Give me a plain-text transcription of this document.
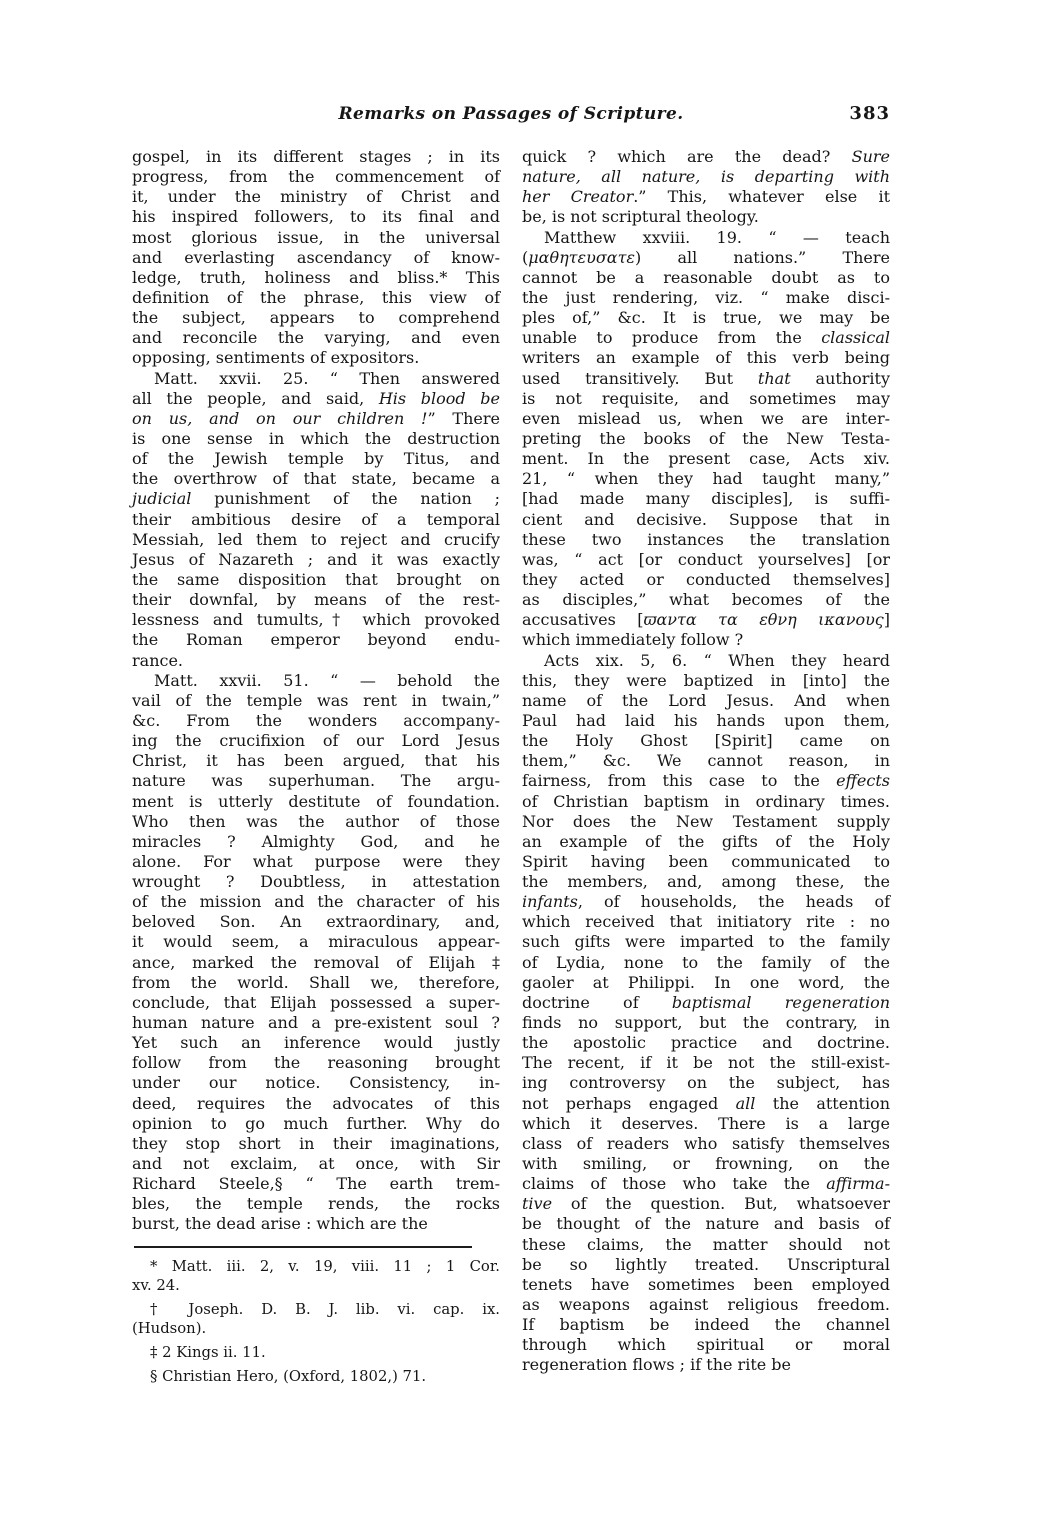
Remarks on Passages of Scripture.	383
gospel, in its different stages ; in its
progress, from the commencement of
it, under the ministry of Christ and
his inspired followers, to its final and
most glorious issue, in the universal
and everlasting ascendancy of know-
ledge, truth, holiness and bliss.* This
definition of the phrase, this view of
the subject, appears to comprehend
and reconcile the varying, and even
opposing, sentiments of expositors.
Matt. xxvii. 25. “ Then answered
all the people, and said, His blood be
on us, and on our children !” There
is one sense in which the destruction
of the Jewish temple by Titus, and
the overthrow of that state, became a
judicial punishment of the nation ;
their ambitious desire of a temporal
Messiah, led them to reject and crucify
Jesus of Nazareth ; and it was exactly
the same disposition that brought on
their downfal, by means of the rest-
lessness and tumults,† which provoked
the Roman emperor beyond endu-
rance.
Matt. xxvii. 51. “ — behold the
vail of the temple was rent in twain,”
&c. From the wonders accompany-
ing the crucifixion of our Lord Jesus
Christ, it has been argued, that his
nature was superhuman. The argu-
ment is utterly destitute of foundation.
Who then was the author of those
miracles ? Almighty God, and he
alone. For what purpose were they
wrought ? Doubtless, in attestation
of the mission and the character of his
beloved Son. An extraordinary, and,
it would seem, a miraculous appear-
ance, marked the removal of Elijah ‡
from the world. Shall we, therefore,
conclude, that Elijah possessed a super-
human nature and a pre-existent soul ?
Yet such an inference would justly
follow from the reasoning brought
under our notice. Consistency, in-
deed, requires the advocates of this
opinion to go much further. Why do
they stop short in their imaginations,
and not exclaim, at once, with Sir
Richard Steele,§ “ The earth trem-
bles, the temple rends, the rocks
burst, the dead arise : which are the
* Matt. iii. 2, v. 19, viii. 11 ; 1 Cor.
xv. 24.
† Joseph. D. B. J. lib. vi. cap. ix.
(Hudson).
‡ 2 Kings ii. 11.
§ Christian Hero, (Oxford, 1802,) 71.
quick ? which are the dead? Sure
nature, all nature, is departing with
her Creator.” This, whatever else it
be, is not scriptural theology.
Matthew xxviii. 19. “ — teach
(μαθητευσατε) all nations.” There
cannot be a reasonable doubt as to
the just rendering, viz. “ make disci-
ples of,” &c. It is true, we may be
unable to produce from the classical
writers an example of this verb being
used transitively. But that authority
is not requisite, and sometimes may
even mislead us, when we are inter-
preting the books of the New Testa-
ment. In the present case, Acts xiv.
21, “ when they had taught many,”
[had made many disciples], is suffi-
cient and decisive. Suppose that in
these two instances the translation
was, “ act [or conduct yourselves] [or
they acted or conducted themselves]
as disciples,” what becomes of the
accusatives [ϖαντα τα εθνη ικανους]
which immediately follow ?
Acts xix. 5, 6. “ When they heard
this, they were baptized in [into] the
name of the Lord Jesus. And when
Paul had laid his hands upon them,
the Holy Ghost [Spirit] came on
them,” &c. We cannot reason, in
fairness, from this case to the effects
of Christian baptism in ordinary times.
Nor does the New Testament supply
an example of the gifts of the Holy
Spirit having been communicated to
the members, and, among these, the
infants, of households, the heads of
which received that initiatory rite : no
such gifts were imparted to the family
of Lydia, none to the family of the
gaoler at Philippi. In one word, the
doctrine of baptismal regeneration
finds no support, but the contrary, in
the apostolic practice and doctrine.
The recent, if it be not the still-exist-
ing controversy on the subject, has
not perhaps engaged all the attention
which it deserves. There is a large
class of readers who satisfy themselves
with smiling, or frowning, on the
claims of those who take the affirma-
tive of the question. But, whatsoever
be thought of the nature and basis of
these claims, the matter should not
be so lightly treated. Unscriptural
tenets have sometimes been employed
as weapons against religious freedom.
If baptism be indeed the channel
through which spiritual or moral
regeneration flows ; if the rite be
